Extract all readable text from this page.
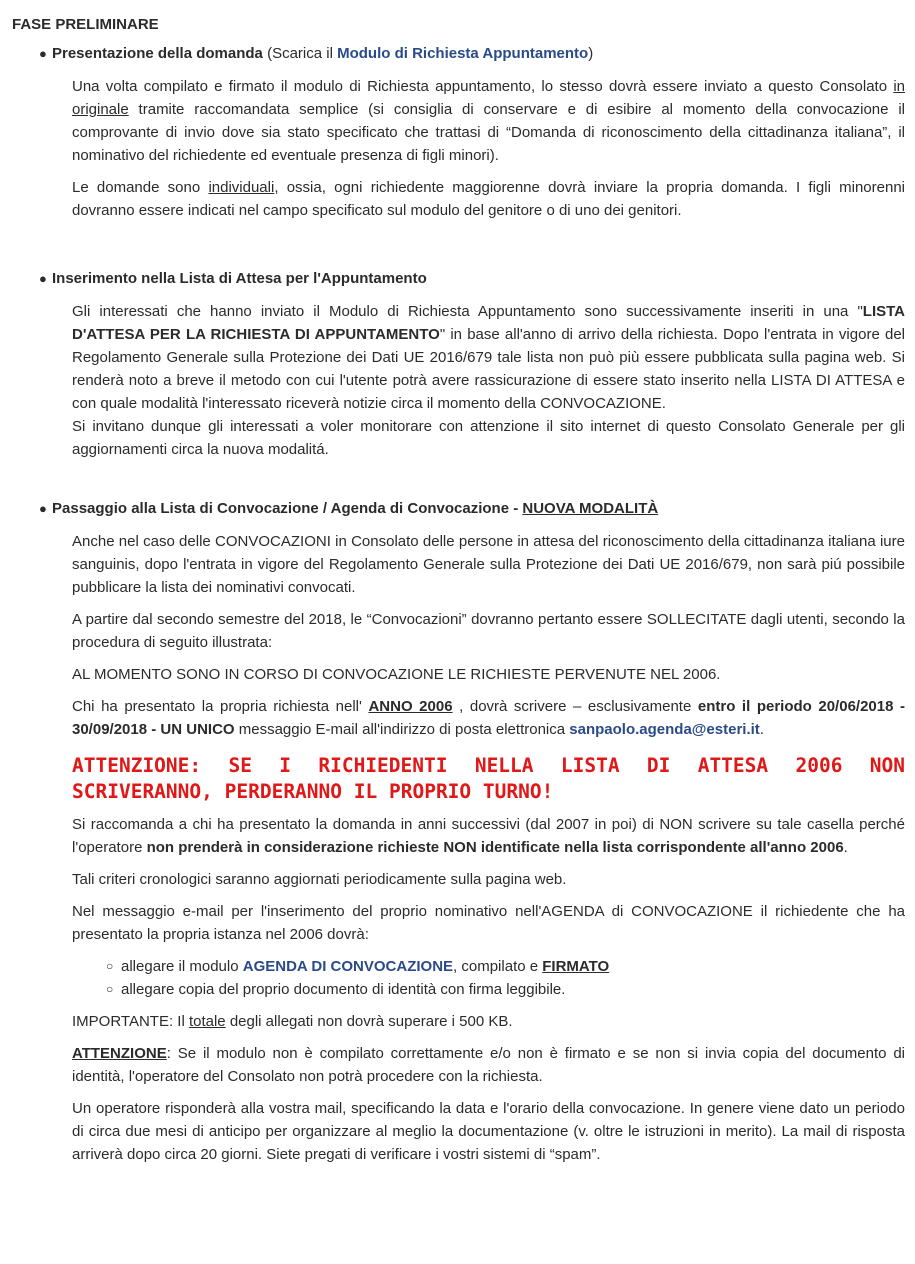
FASE PRELIMINARE
● Presentazione della domanda (Scarica il Modulo di Richiesta Appuntamento)

Una volta compilato e firmato il modulo di Richiesta appuntamento, lo stesso dovrà essere inviato a questo Consolato in originale tramite raccomandata semplice (si consiglia di conservare e di esibire al momento della convocazione il comprovante di invio dove sia stato specificato che trattasi di “Domanda di riconoscimento della cittadinanza italiana”, il nominativo del richiedente ed eventuale presenza di figli minori).

Le domande sono individuali, ossia, ogni richiedente maggiorenne dovrà inviare la propria domanda. I figli minorenni dovranno essere indicati nel campo specificato sul modulo del genitore o di uno dei genitori.

● Inserimento nella Lista di Attesa per l'Appuntamento

Gli interessati che hanno inviato il Modulo di Richiesta Appuntamento sono successivamente inseriti in una "LISTA D'ATTESA PER LA RICHIESTA DI APPUNTAMENTO" in base all'anno di arrivo della richiesta. Dopo l'entrata in vigore del Regolamento Generale sulla Protezione dei Dati UE 2016/679 tale lista non può più essere pubblicata sulla pagina web. Si renderà noto a breve il metodo con cui l'utente potrà avere rassicurazione di essere stato inserito nella LISTA DI ATTESA e con quale modalità l'interessato riceverà notizie circa il momento della CONVOCAZIONE.

Si invitano dunque gli interessati a voler monitorare con attenzione il sito internet di questo Consolato Generale per gli aggiornamenti circa la nuova modalitá.

● Passaggio alla Lista di Convocazione / Agenda di Convocazione - NUOVA MODALITÀ

Anche nel caso delle CONVOCAZIONI in Consolato delle persone in attesa del riconoscimento della cittadinanza italiana iure sanguinis, dopo l'entrata in vigore del Regolamento Generale sulla Protezione dei Dati UE 2016/679, non sarà piú possibile pubblicare la lista dei nominativi convocati.

A partire dal secondo semestre del 2018, le “Convocazioni” dovranno pertanto essere SOLLECITATE dagli utenti, secondo la procedura di seguito illustrata:

AL MOMENTO SONO IN CORSO DI CONVOCAZIONE LE RICHIESTE PERVENUTE NEL 2006.

Chi ha presentato la propria richiesta nell' ANNO 2006 , dovrà scrivere – esclusivamente entro il periodo 20/06/2018 - 30/09/2018 - UN UNICO messaggio E-mail all'indirizzo di posta elettronica sanpaolo.agenda@esteri.it.

ATTENZIONE: SE I RICHIEDENTI NELLA LISTA DI ATTESA 2006 NON SCRIVERANNO, PERDERANNO IL PROPRIO TURNO!

Si raccomanda a chi ha presentato la domanda in anni successivi (dal 2007 in poi) di NON scrivere su tale casella perché l'operatore non prenderà in considerazione richieste NON identificate nella lista corrispondente all'anno 2006.

Tali criteri cronologici saranno aggiornati periodicamente sulla pagina web.

Nel messaggio e-mail per l'inserimento del proprio nominativo nell'AGENDA di CONVOCAZIONE il richiedente che ha presentato la propria istanza nel 2006 dovrà:

○ allegare il modulo AGENDA DI CONVOCAZIONE, compilato e FIRMATO
○ allegare copia del proprio documento di identità con firma leggibile.

IMPORTANTE: Il totale degli allegati non dovrà superare i 500 KB.

ATTENZIONE: Se il modulo non è compilato correttamente e/o non è firmato e se non si invia copia del documento di identità, l'operatore del Consolato non potrà procedere con la richiesta.

Un operatore risponderà alla vostra mail, specificando la data e l'orario della convocazione. In genere viene dato un periodo di circa due mesi di anticipo per organizzare al meglio la documentazione (v. oltre le istruzioni in merito). La mail di risposta arriverà dopo circa 20 giorni. Siete pregati di verificare i vostri sistemi di “spam”.
